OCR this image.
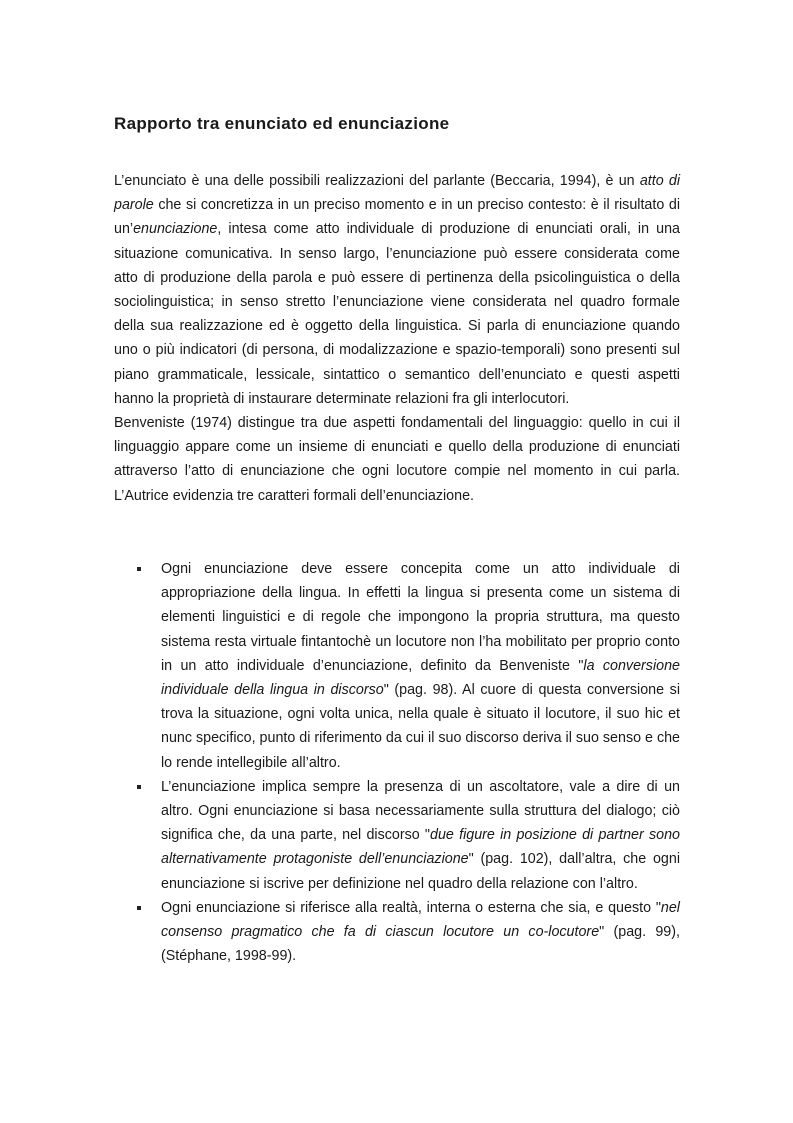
Rapporto tra enunciato ed enunciazione

L’enunciato è una delle possibili realizzazioni del parlante (Beccaria, 1994), è un atto di parole che si concretizza in un preciso momento e in un preciso contesto: è il risultato di un’enunciazione, intesa come atto individuale di produzione di enunciati orali, in una situazione comunicativa. In senso largo, l’enunciazione può essere considerata come atto di produzione della parola e può essere di pertinenza della psicolinguistica o della sociolinguistica; in senso stretto l’enunciazione viene considerata nel quadro formale della sua realizzazione ed è oggetto della linguistica. Si parla di enunciazione quando uno o più indicatori (di persona, di modalizzazione e spazio-temporali) sono presenti sul piano grammaticale, lessicale, sintattico o semantico dell’enunciato e questi aspetti hanno la proprietà di instaurare determinate relazioni fra gli interlocutori.

Benveniste (1974) distingue tra due aspetti fondamentali del linguaggio: quello in cui il linguaggio appare come un insieme di enunciati e quello della produzione di enunciati attraverso l’atto di enunciazione che ogni locutore compie nel momento in cui parla. L’Autrice evidenzia tre caratteri formali dell’enunciazione.

Ogni enunciazione deve essere concepita come un atto individuale di appropriazione della lingua. In effetti la lingua si presenta come un sistema di elementi linguistici e di regole che impongono la propria struttura, ma questo sistema resta virtuale fintantochè un locutore non l’ha mobilitato per proprio conto in un atto individuale d’enunciazione, definito da Benveniste "la conversione individuale della lingua in discorso" (pag. 98). Al cuore di questa conversione si trova la situazione, ogni volta unica, nella quale è situato il locutore, il suo hic et nunc specifico, punto di riferimento da cui il suo discorso deriva il suo senso e che lo rende intellegibile all’altro.
L’enunciazione implica sempre la presenza di un ascoltatore, vale a dire di un altro. Ogni enunciazione si basa necessariamente sulla struttura del dialogo; ciò significa che, da una parte, nel discorso "due figure in posizione di partner sono alternativamente protagoniste dell’enunciazione" (pag. 102), dall’altra, che ogni enunciazione si iscrive per definizione nel quadro della relazione con l’altro.
Ogni enunciazione si riferisce alla realtà, interna o esterna che sia, e questo "nel consenso pragmatico che fa di ciascun locutore un co-locutore" (pag. 99), (Stéphane, 1998-99).
